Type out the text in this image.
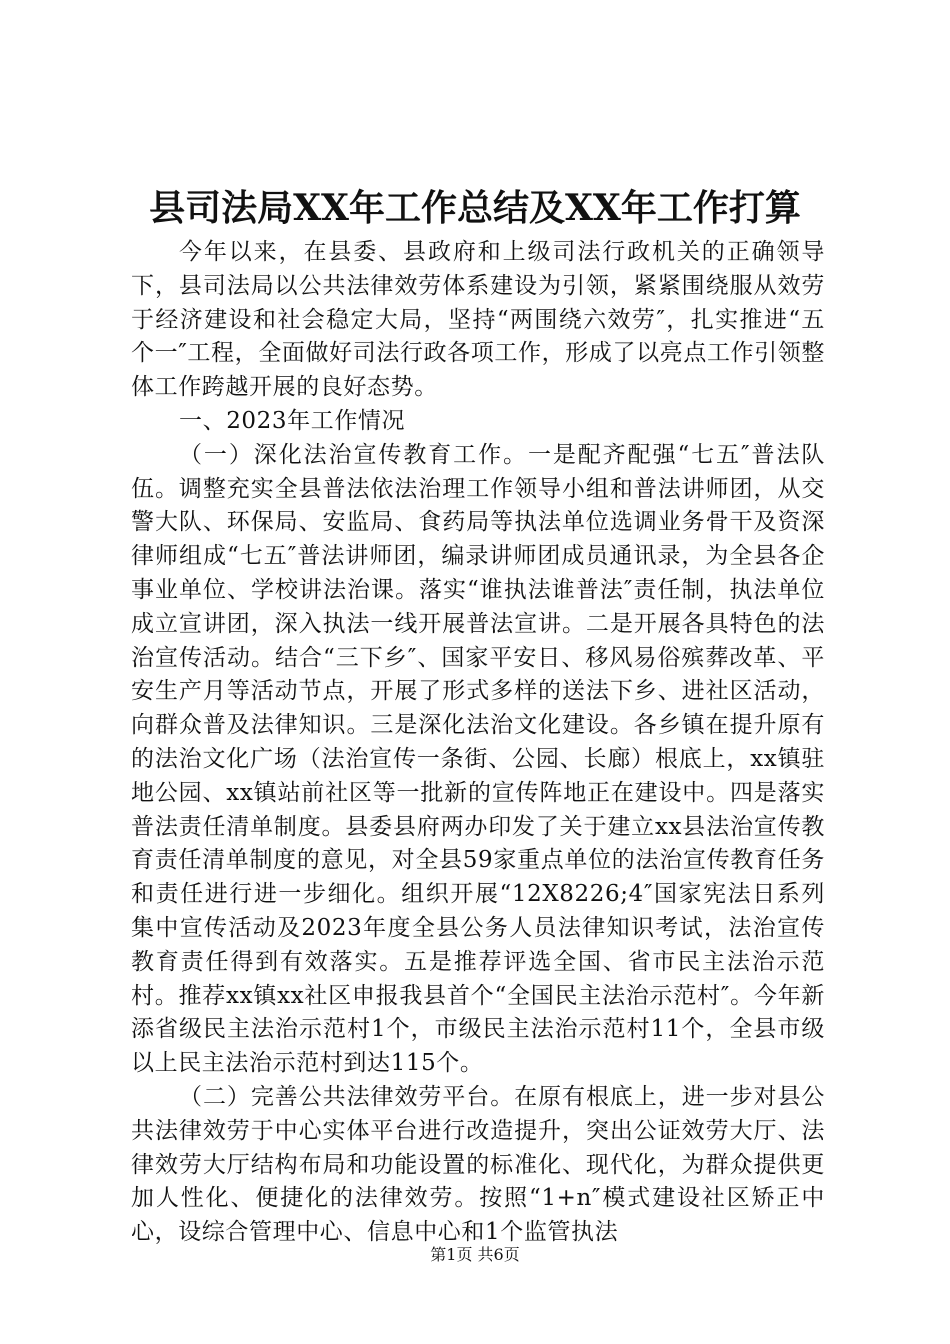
县司法局XX年工作总结及XX年工作打算

今年以来，在县委、县政府和上级司法行政机关的正确领导下，县司法局以公共法律效劳体系建设为引领，紧紧围绕服从效劳于经济建设和社会稳定大局，坚持“两围绕六效劳″，扎实推进“五个一″工程，全面做好司法行政各项工作，形成了以亮点工作引领整体工作跨越开展的良好态势。

一、2023年工作情况

（一）深化法治宣传教育工作。一是配齐配强“七五″普法队伍。调整充实全县普法依法治理工作领导小组和普法讲师团，从交警大队、环保局、安监局、食药局等执法单位选调业务骨干及资深律师组成“七五″普法讲师团，编录讲师团成员通讯录，为全县各企事业单位、学校讲法治课。落实“谁执法谁普法″责任制，执法单位成立宣讲团，深入执法一线开展普法宣讲。二是开展各具特色的法治宣传活动。结合“三下乡″、国家平安日、移风易俗殡葬改革、平安生产月等活动节点，开展了形式多样的送法下乡、进社区活动，向群众普及法律知识。三是深化法治文化建设。各乡镇在提升原有的法治文化广场（法治宣传一条街、公园、长廊）根底上，xx镇驻地公园、xx镇站前社区等一批新的宣传阵地正在建设中。四是落实普法责任清单制度。县委县府两办印发了关于建立xx县法治宣传教育责任清单制度的意见，对全县59家重点单位的法治宣传教育任务和责任进行进一步细化。组织开展“12X8226;4″国家宪法日系列集中宣传活动及2023年度全县公务人员法律知识考试，法治宣传教育责任得到有效落实。五是推荐评选全国、省市民主法治示范村。推荐xx镇xx社区申报我县首个“全国民主法治示范村″。今年新添省级民主法治示范村1个，市级民主法治示范村11个，全县市级以上民主法治示范村到达115个。

（二）完善公共法律效劳平台。在原有根底上，进一步对县公共法律效劳于中心实体平台进行改造提升，突出公证效劳大厅、法律效劳大厅结构布局和功能设置的标准化、现代化，为群众提供更加人性化、便捷化的法律效劳。按照“1+n″模式建设社区矫正中心，设综合管理中心、信息中心和1个监管执法

第1页 共6页
